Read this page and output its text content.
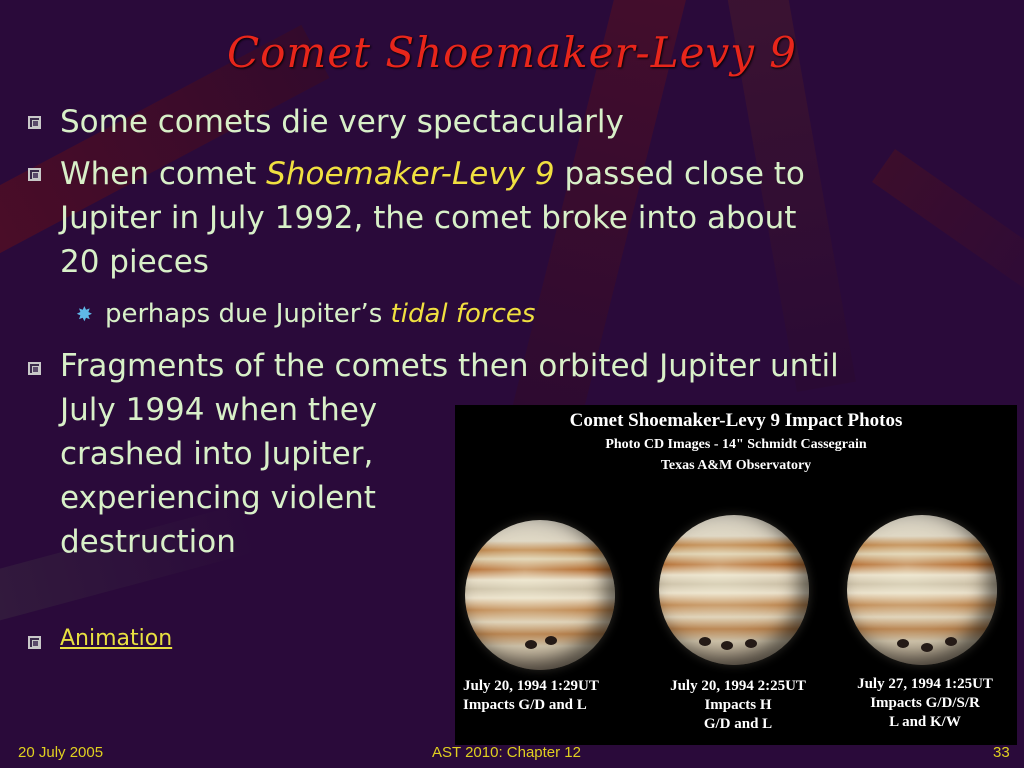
Comet Shoemaker-Levy 9
Some comets die very spectacularly
When comet Shoemaker-Levy 9 passed close to
Jupiter in July 1992, the comet broke into about
20 pieces
✸ perhaps due Jupiter’s tidal forces
Fragments of the comets then orbited Jupiter until
July 1994 when they
crashed into Jupiter,
experiencing violent
destruction
Animation
Comet Shoemaker-Levy 9 Impact Photos
Photo CD Images - 14" Schmidt Cassegrain
Texas A&M Observatory
July 20, 1994 1:29UT
Impacts G/D and L
July 20, 1994 2:25UT
Impacts H
G/D and L
July 27, 1994 1:25UT
Impacts G/D/S/R
L and K/W
20 July 2005	AST 2010: Chapter 12	33
